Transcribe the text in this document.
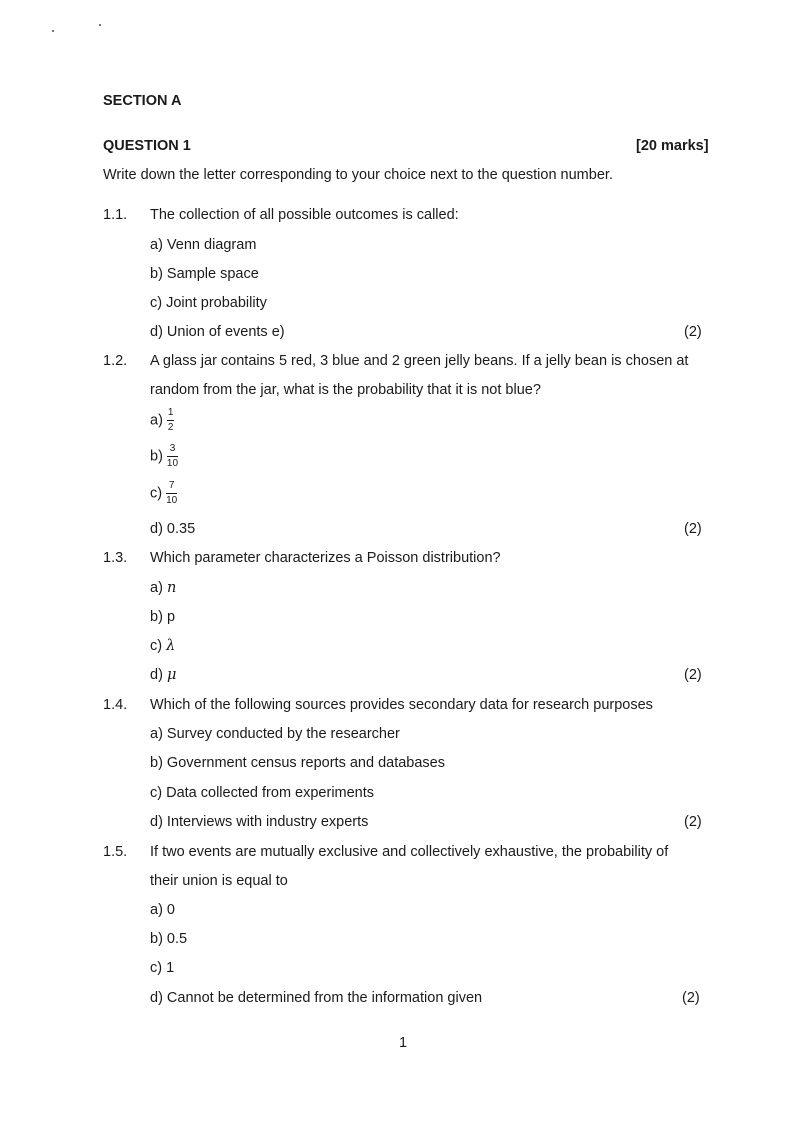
SECTION A
QUESTION 1	[20 marks]
Write down the letter corresponding to your choice next to the question number.
1.1. The collection of all possible outcomes is called:
a) Venn diagram
b) Sample space
c) Joint probability
d) Union of events e)	(2)
1.2. A glass jar contains 5 red, 3 blue and 2 green jelly beans. If a jelly bean is chosen at
random from the jar, what is the probability that it is not blue?
$a) \frac{1}{2}$
$b) \frac{3}{10}$
$c) \frac{7}{10}$
d) 0.35	(2)
1.3. Which parameter characterizes a Poisson distribution?
a) n
b) p
c) λ
d) μ	(2)
1.4. Which of the following sources provides secondary data for research purposes
a) Survey conducted by the researcher
b) Government census reports and databases
c) Data collected from experiments
d) Interviews with industry experts	(2)
1.5. If two events are mutually exclusive and collectively exhaustive, the probability of
their union is equal to
a) 0
b) 0.5
c) 1
d) Cannot be determined from the information given	(2)
1
